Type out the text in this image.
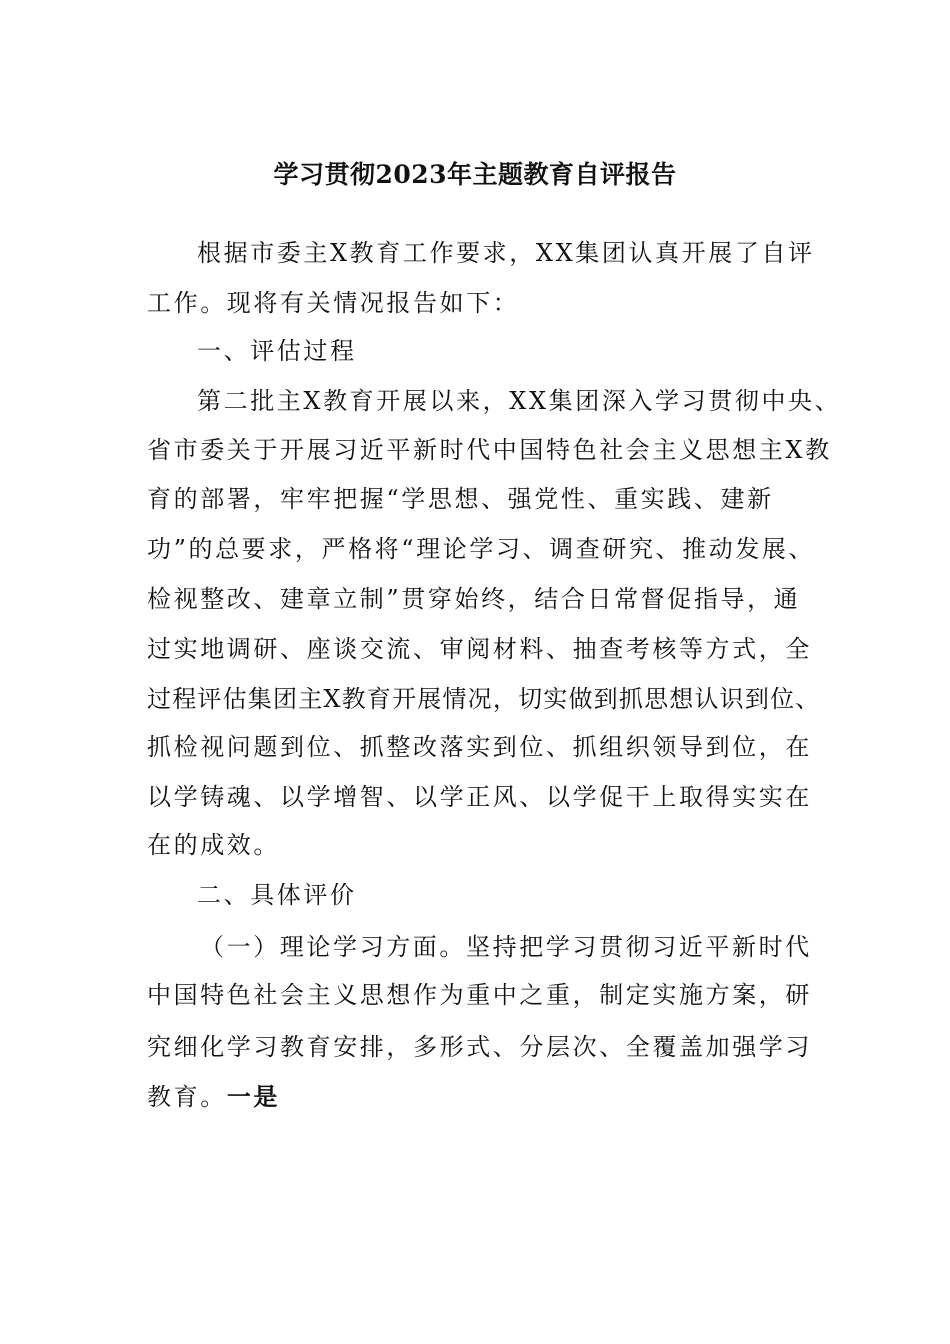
学习贯彻2023年主题教育自评报告
根据市委主X教育工作要求，XX集团认真开展了自评
工作。现将有关情况报告如下：
一、评估过程
第二批主X教育开展以来，XX集团深入学习贯彻中央、
省市委关于开展习近平新时代中国特色社会主义思想主X教
育的部署，牢牢把握“学思想、强党性、重实践、建新
功”的总要求，严格将“理论学习、调查研究、推动发展、
检视整改、建章立制”贯穿始终，结合日常督促指导，通
过实地调研、座谈交流、审阅材料、抽查考核等方式，全
过程评估集团主X教育开展情况，切实做到抓思想认识到位、
抓检视问题到位、抓整改落实到位、抓组织领导到位，在
以学铸魂、以学增智、以学正风、以学促干上取得实实在
在的成效。
二、具体评价
（一）理论学习方面。坚持把学习贯彻习近平新时代
中国特色社会主义思想作为重中之重，制定实施方案，研
究细化学习教育安排，多形式、分层次、全覆盖加强学习
教育。一是
